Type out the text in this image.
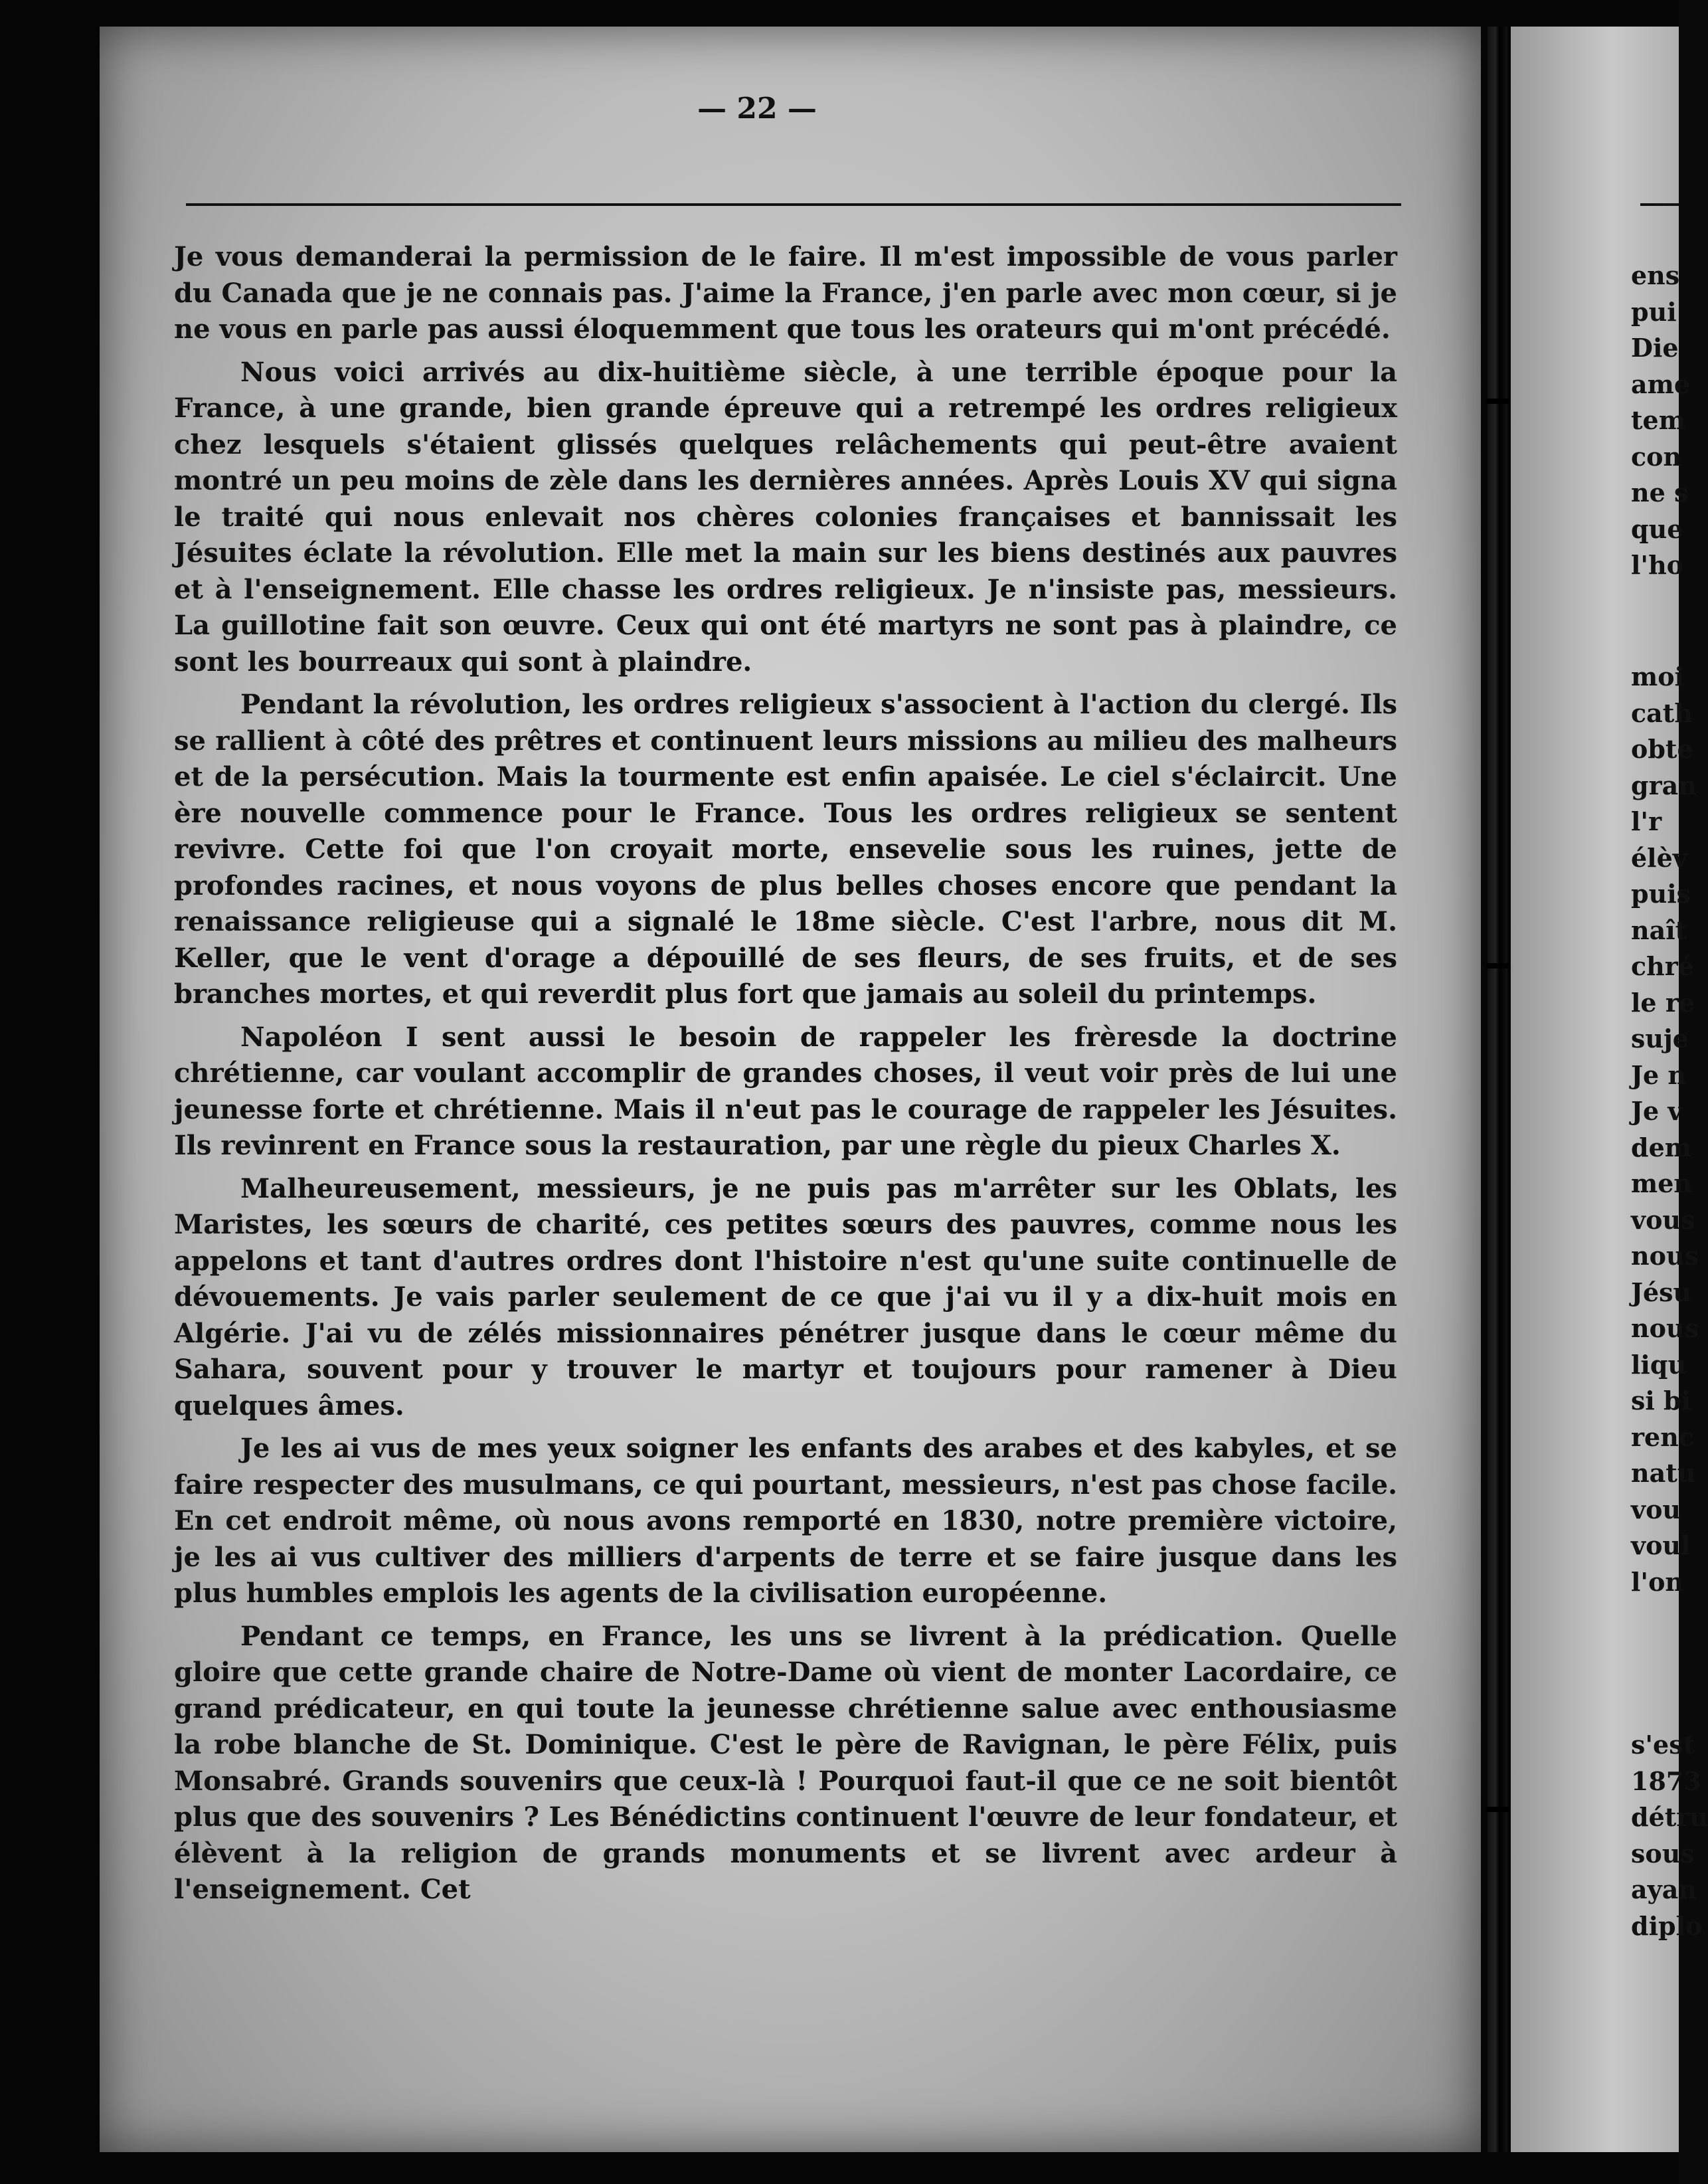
— 22 —

Je vous demanderai la permission de le faire. Il m'est impossible de vous parler du Canada que je ne connais pas. J'aime la France, j'en parle avec mon cœur, si je ne vous en parle pas aussi éloquemment que tous les orateurs qui m'ont précédé.

Nous voici arrivés au dix-huitième siècle, à une terrible époque pour la France, à une grande, bien grande épreuve qui a retrempé les ordres religieux chez lesquels s'étaient glissés quelques relâchements qui peut-être avaient montré un peu moins de zèle dans les dernières années. Après Louis XV qui signa le traité qui nous enlevait nos chères colonies françaises et bannissait les Jésuites éclate la révolution. Elle met la main sur les biens destinés aux pauvres et à l'enseignement. Elle chasse les ordres religieux. Je n'insiste pas, messieurs. La guillotine fait son œuvre. Ceux qui ont été martyrs ne sont pas à plaindre, ce sont les bourreaux qui sont à plaindre.

Pendant la révolution, les ordres religieux s'associent à l'action du clergé. Ils se rallient à côté des prêtres et continuent leurs missions au milieu des malheurs et de la persécution. Mais la tourmente est enfin apaisée. Le ciel s'éclaircit. Une ère nouvelle commence pour le France. Tous les ordres religieux se sentent revivre. Cette foi que l'on croyait morte, ensevelie sous les ruines, jette de profondes racines, et nous voyons de plus belles choses encore que pendant la renaissance religieuse qui a signalé le 18me siècle. C'est l'arbre, nous dit M. Keller, que le vent d'orage a dépouillé de ses fleurs, de ses fruits, et de ses branches mortes, et qui reverdit plus fort que jamais au soleil du printemps.

Napoléon I sent aussi le besoin de rappeler les frèresde la doctrine chrétienne, car voulant accomplir de grandes choses, il veut voir près de lui une jeunesse forte et chrétienne. Mais il n'eut pas le courage de rappeler les Jésuites. Ils revinrent en France sous la restauration, par une règle du pieux Charles X.

Malheureusement, messieurs, je ne puis pas m'arrêter sur les Oblats, les Maristes, les sœurs de charité, ces petites sœurs des pauvres, comme nous les appelons et tant d'autres ordres dont l'histoire n'est qu'une suite continuelle de dévouements. Je vais parler seulement de ce que j'ai vu il y a dix-huit mois en Algérie. J'ai vu de zélés missionnaires pénétrer jusque dans le cœur même du Sahara, souvent pour y trouver le martyr et toujours pour ramener à Dieu quelques âmes.

Je les ai vus de mes yeux soigner les enfants des arabes et des kabyles, et se faire respecter des musulmans, ce qui pourtant, messieurs, n'est pas chose facile. En cet endroit même, où nous avons remporté en 1830, notre première victoire, je les ai vus cultiver des milliers d'arpents de terre et se faire jusque dans les plus humbles emplois les agents de la civilisation européenne.

Pendant ce temps, en France, les uns se livrent à la prédication. Quelle gloire que cette grande chaire de Notre-Dame où vient de monter Lacordaire, ce grand prédicateur, en qui toute la jeunesse chrétienne salue avec enthousiasme la robe blanche de St. Dominique. C'est le père de Ravignan, le père Félix, puis Monsabré. Grands souvenirs que ceux-là ! Pourquoi faut-il que ce ne soit bientôt plus que des souvenirs ? Les Bénédictins continuent l'œuvre de leur fondateur, et élèvent à la religion de grands monuments et se livrent avec ardeur à l'enseignement. Cet

ens
pui
Die
ame
tem
con
ne s
que
l'ho
moi
cath
obte
gran
l'r
élèv
puis
naît
chré
le re
suje
Je n
Je v
dem
men
vous
nous
Jésu
nous
liqu
si bi
renc
natu
vou
voul
l'on
s'est
1873
détru
sous
ayan
diplo
